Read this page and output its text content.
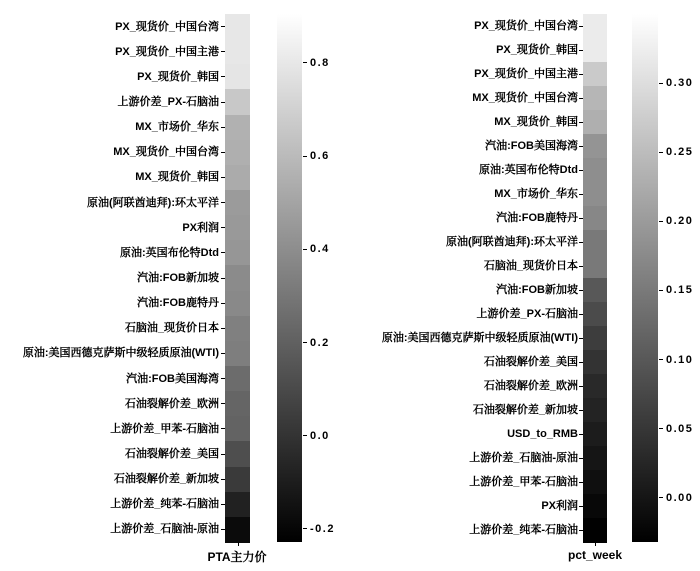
PTA主力价
PX_现货价_中国台湾
PX_现货价_中国主港
PX_现货价_韩国
上游价差_PX-石脑油
MX_市场价_华东
MX_现货价_中国台湾
MX_现货价_韩国
原油(阿联酋迪拜):环太平洋
PX利润
原油:英国布伦特Dtd
汽油:FOB新加坡
汽油:FOB鹿特丹
石脑油_现货价日本
原油:美国西德克萨斯中级轻质原油(WTI)
汽油:FOB美国海湾
石油裂解价差_欧洲
上游价差_甲苯-石脑油
石油裂解价差_美国
石油裂解价差_新加坡
上游价差_纯苯-石脑油
上游价差_石脑油-原油
0.8
0.6
0.4
0.2
0.0
-0.2
pct_week
PX_现货价_中国台湾
PX_现货价_韩国
PX_现货价_中国主港
MX_现货价_中国台湾
MX_现货价_韩国
汽油:FOB美国海湾
原油:英国布伦特Dtd
MX_市场价_华东
汽油:FOB鹿特丹
原油(阿联酋迪拜):环太平洋
石脑油_现货价日本
汽油:FOB新加坡
上游价差_PX-石脑油
原油:美国西德克萨斯中级轻质原油(WTI)
石油裂解价差_美国
石油裂解价差_欧洲
石油裂解价差_新加坡
USD_to_RMB
上游价差_石脑油-原油
上游价差_甲苯-石脑油
PX利润
上游价差_纯苯-石脑油
0.30
0.25
0.20
0.15
0.10
0.05
0.00
